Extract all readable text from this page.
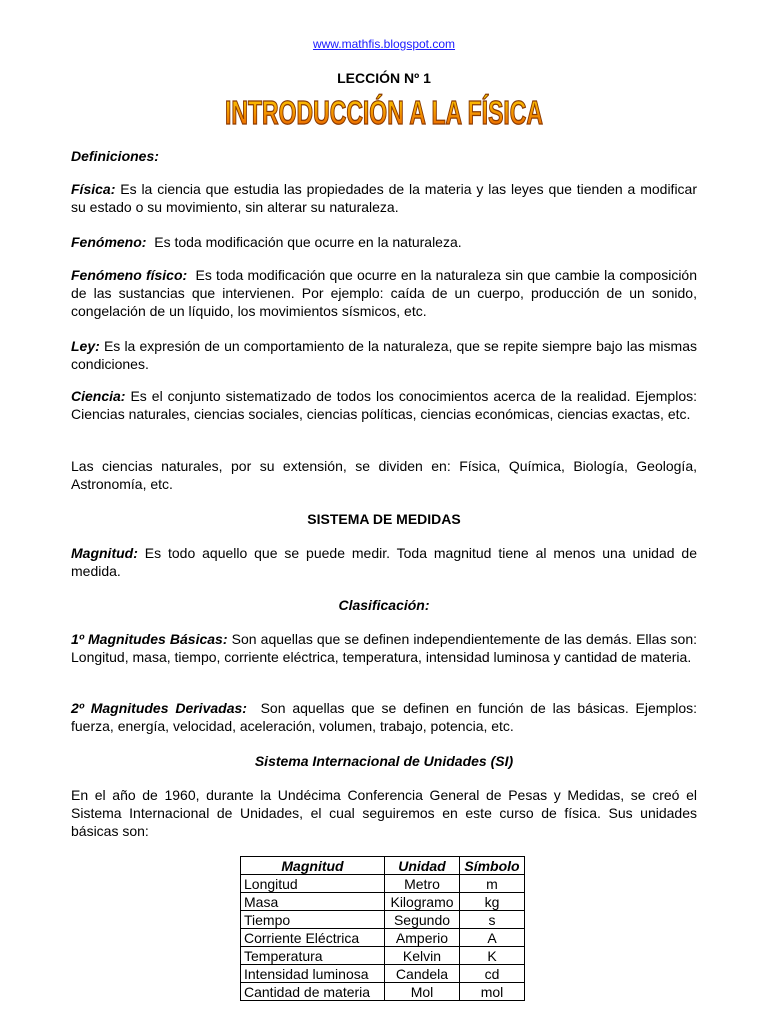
www.mathfis.blogspot.com
LECCIÓN Nº 1
INTRODUCCIÓN A LA FÍSICA

Definiciones:

Física: Es la ciencia que estudia las propiedades de la materia y las leyes que tienden a modificar su estado o su movimiento, sin alterar su naturaleza.

Fenómeno: Es toda modificación que ocurre en la naturaleza.

Fenómeno físico: Es toda modificación que ocurre en la naturaleza sin que cambie la composición de las sustancias que intervienen. Por ejemplo: caída de un cuerpo, producción de un sonido, congelación de un líquido, los movimientos sísmicos, etc.

Ley: Es la expresión de un comportamiento de la naturaleza, que se repite siempre bajo las mismas condiciones.

Ciencia: Es el conjunto sistematizado de todos los conocimientos acerca de la realidad. Ejemplos: Ciencias naturales, ciencias sociales, ciencias políticas, ciencias económicas, ciencias exactas, etc.

Las ciencias naturales, por su extensión, se dividen en: Física, Química, Biología, Geología, Astronomía, etc.

SISTEMA DE MEDIDAS

Magnitud: Es todo aquello que se puede medir. Toda magnitud tiene al menos una unidad de medida.

Clasificación:

1º Magnitudes Básicas: Son aquellas que se definen independientemente de las demás. Ellas son: Longitud, masa, tiempo, corriente eléctrica, temperatura, intensidad luminosa y cantidad de materia.

2º Magnitudes Derivadas: Son aquellas que se definen en función de las básicas. Ejemplos: fuerza, energía, velocidad, aceleración, volumen, trabajo, potencia, etc.

Sistema Internacional de Unidades (SI)

En el año de 1960, durante la Undécima Conferencia General de Pesas y Medidas, se creó el Sistema Internacional de Unidades, el cual seguiremos en este curso de física. Sus unidades básicas son:

Magnitud	Unidad	Símbolo
Longitud	Metro	m
Masa	Kilogramo	kg
Tiempo	Segundo	s
Corriente Eléctrica	Amperio	A
Temperatura	Kelvin	K
Intensidad luminosa	Candela	cd
Cantidad de materia	Mol	mol
